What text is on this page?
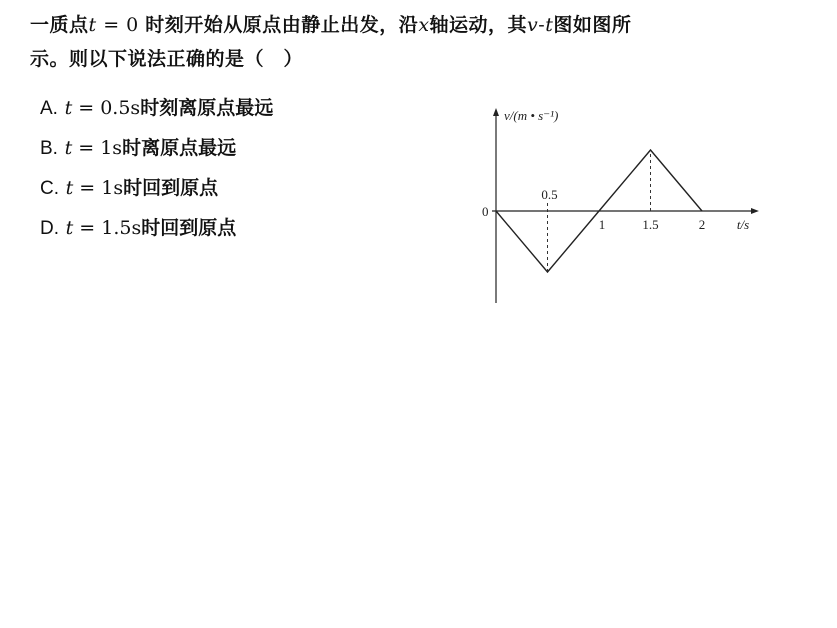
一质点t = 0 时刻开始从原点由静止出发，沿x轴运动，其v-t图如图所
示。则以下说法正确的是（　）
A. t = 0.5s时刻离原点最远
B. t = 1s时离原点最远
C. t = 1s时回到原点
D. t = 1.5s时回到原点
v/(m • s⁻¹)
t/s
0
0.5
1	1.5	2
